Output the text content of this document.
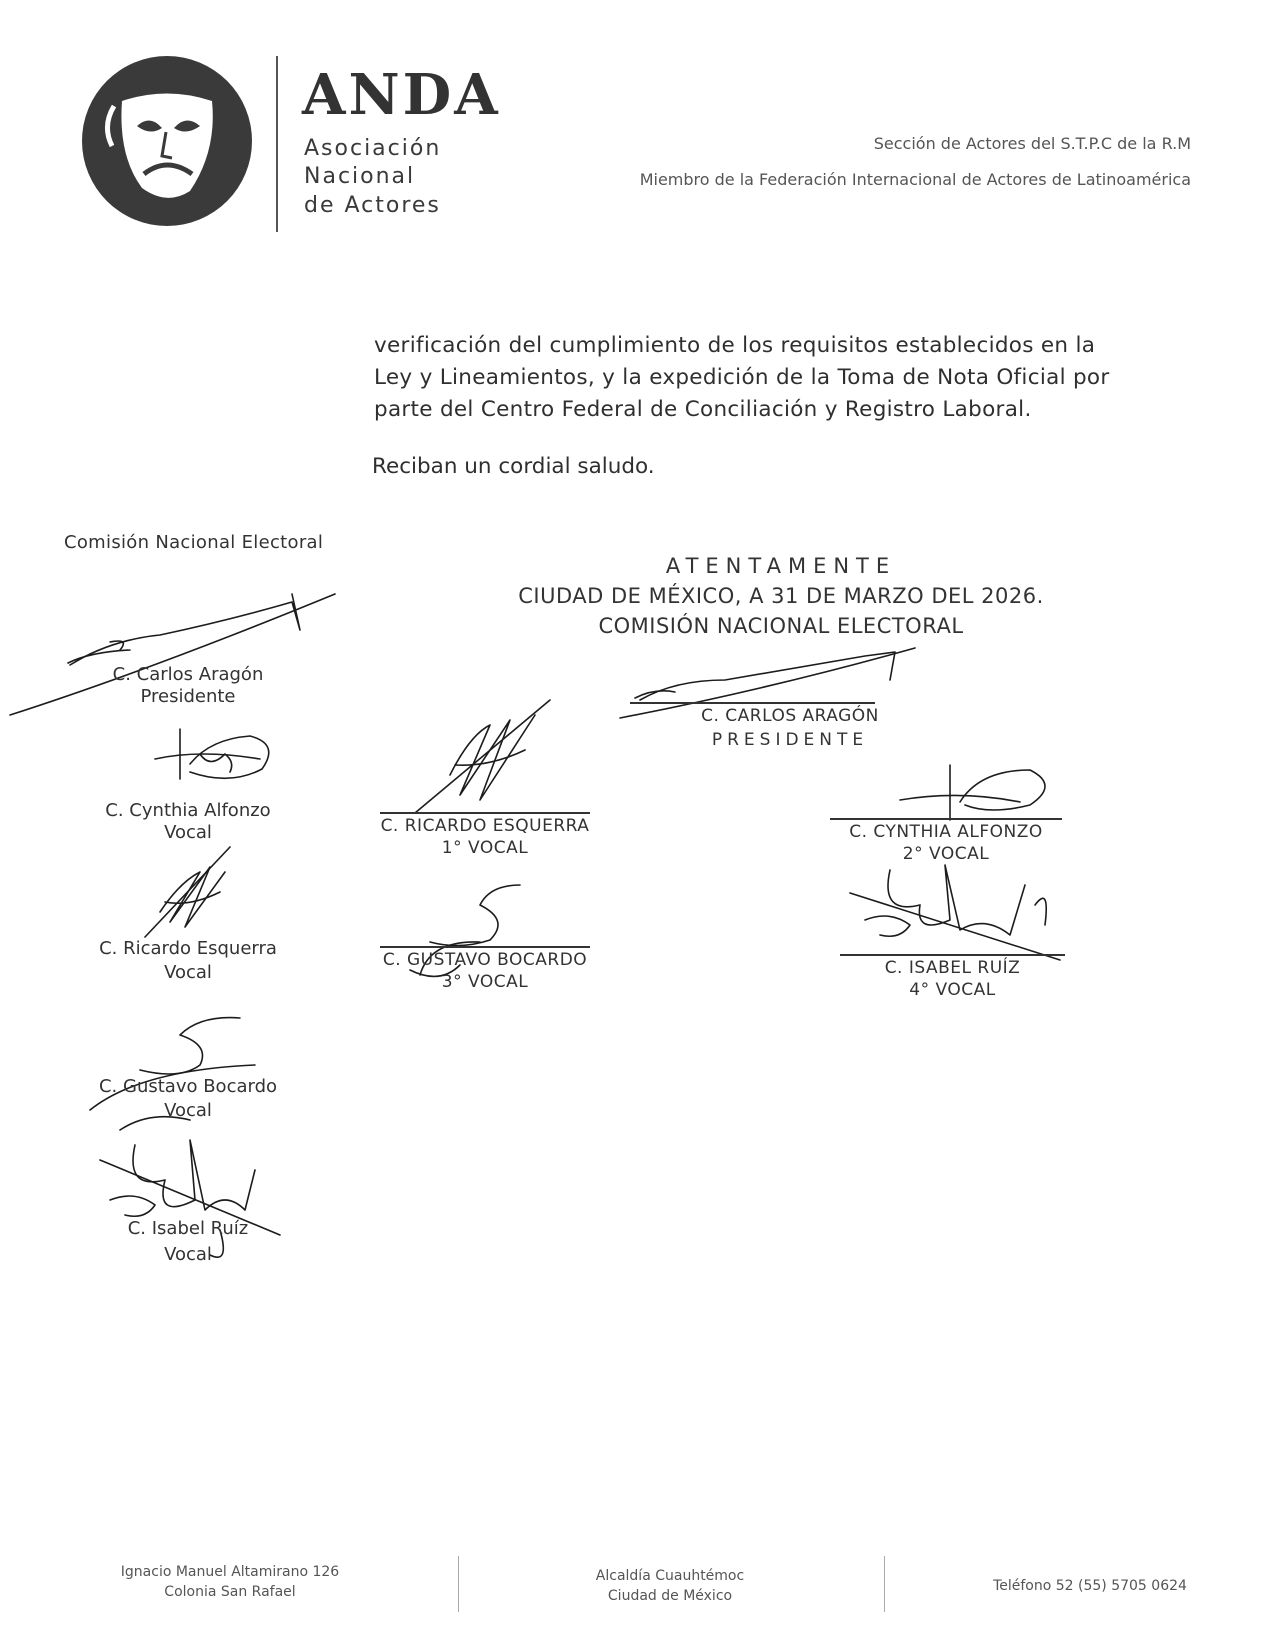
ANDA
Asociación
Nacional
de Actores
Sección de Actores del S.T.P.C de la R.M
Miembro de la Federación Internacional de Actores de Latinoamérica
verificación del cumplimiento de los requisitos establecidos en la
Ley y Lineamientos, y la expedición de la Toma de Nota Oficial por
parte del Centro Federal de Conciliación y Registro Laboral.
Reciban un cordial saludo.
Comisión Nacional Electoral
C. Carlos Aragón
Presidente
C. Cynthia Alfonzo
Vocal
C. Ricardo Esquerra
Vocal
C. Gustavo Bocardo
Vocal
C. Isabel Ruíz
Vocal
ATENTAMENTE
CIUDAD DE MÉXICO, A 31 DE MARZO DEL 2026.
COMISIÓN NACIONAL ELECTORAL
C. CARLOS ARAGÓN
PRESIDENTE
C. RICARDO ESQUERRA
1° VOCAL
C. CYNTHIA ALFONZO
2° VOCAL
C. GUSTAVO BOCARDO
3° VOCAL
C. ISABEL RUÍZ
4° VOCAL
Ignacio Manuel Altamirano 126
Colonia San Rafael
Alcaldía Cuauhtémoc
Ciudad de México
Teléfono 52 (55) 5705 0624
